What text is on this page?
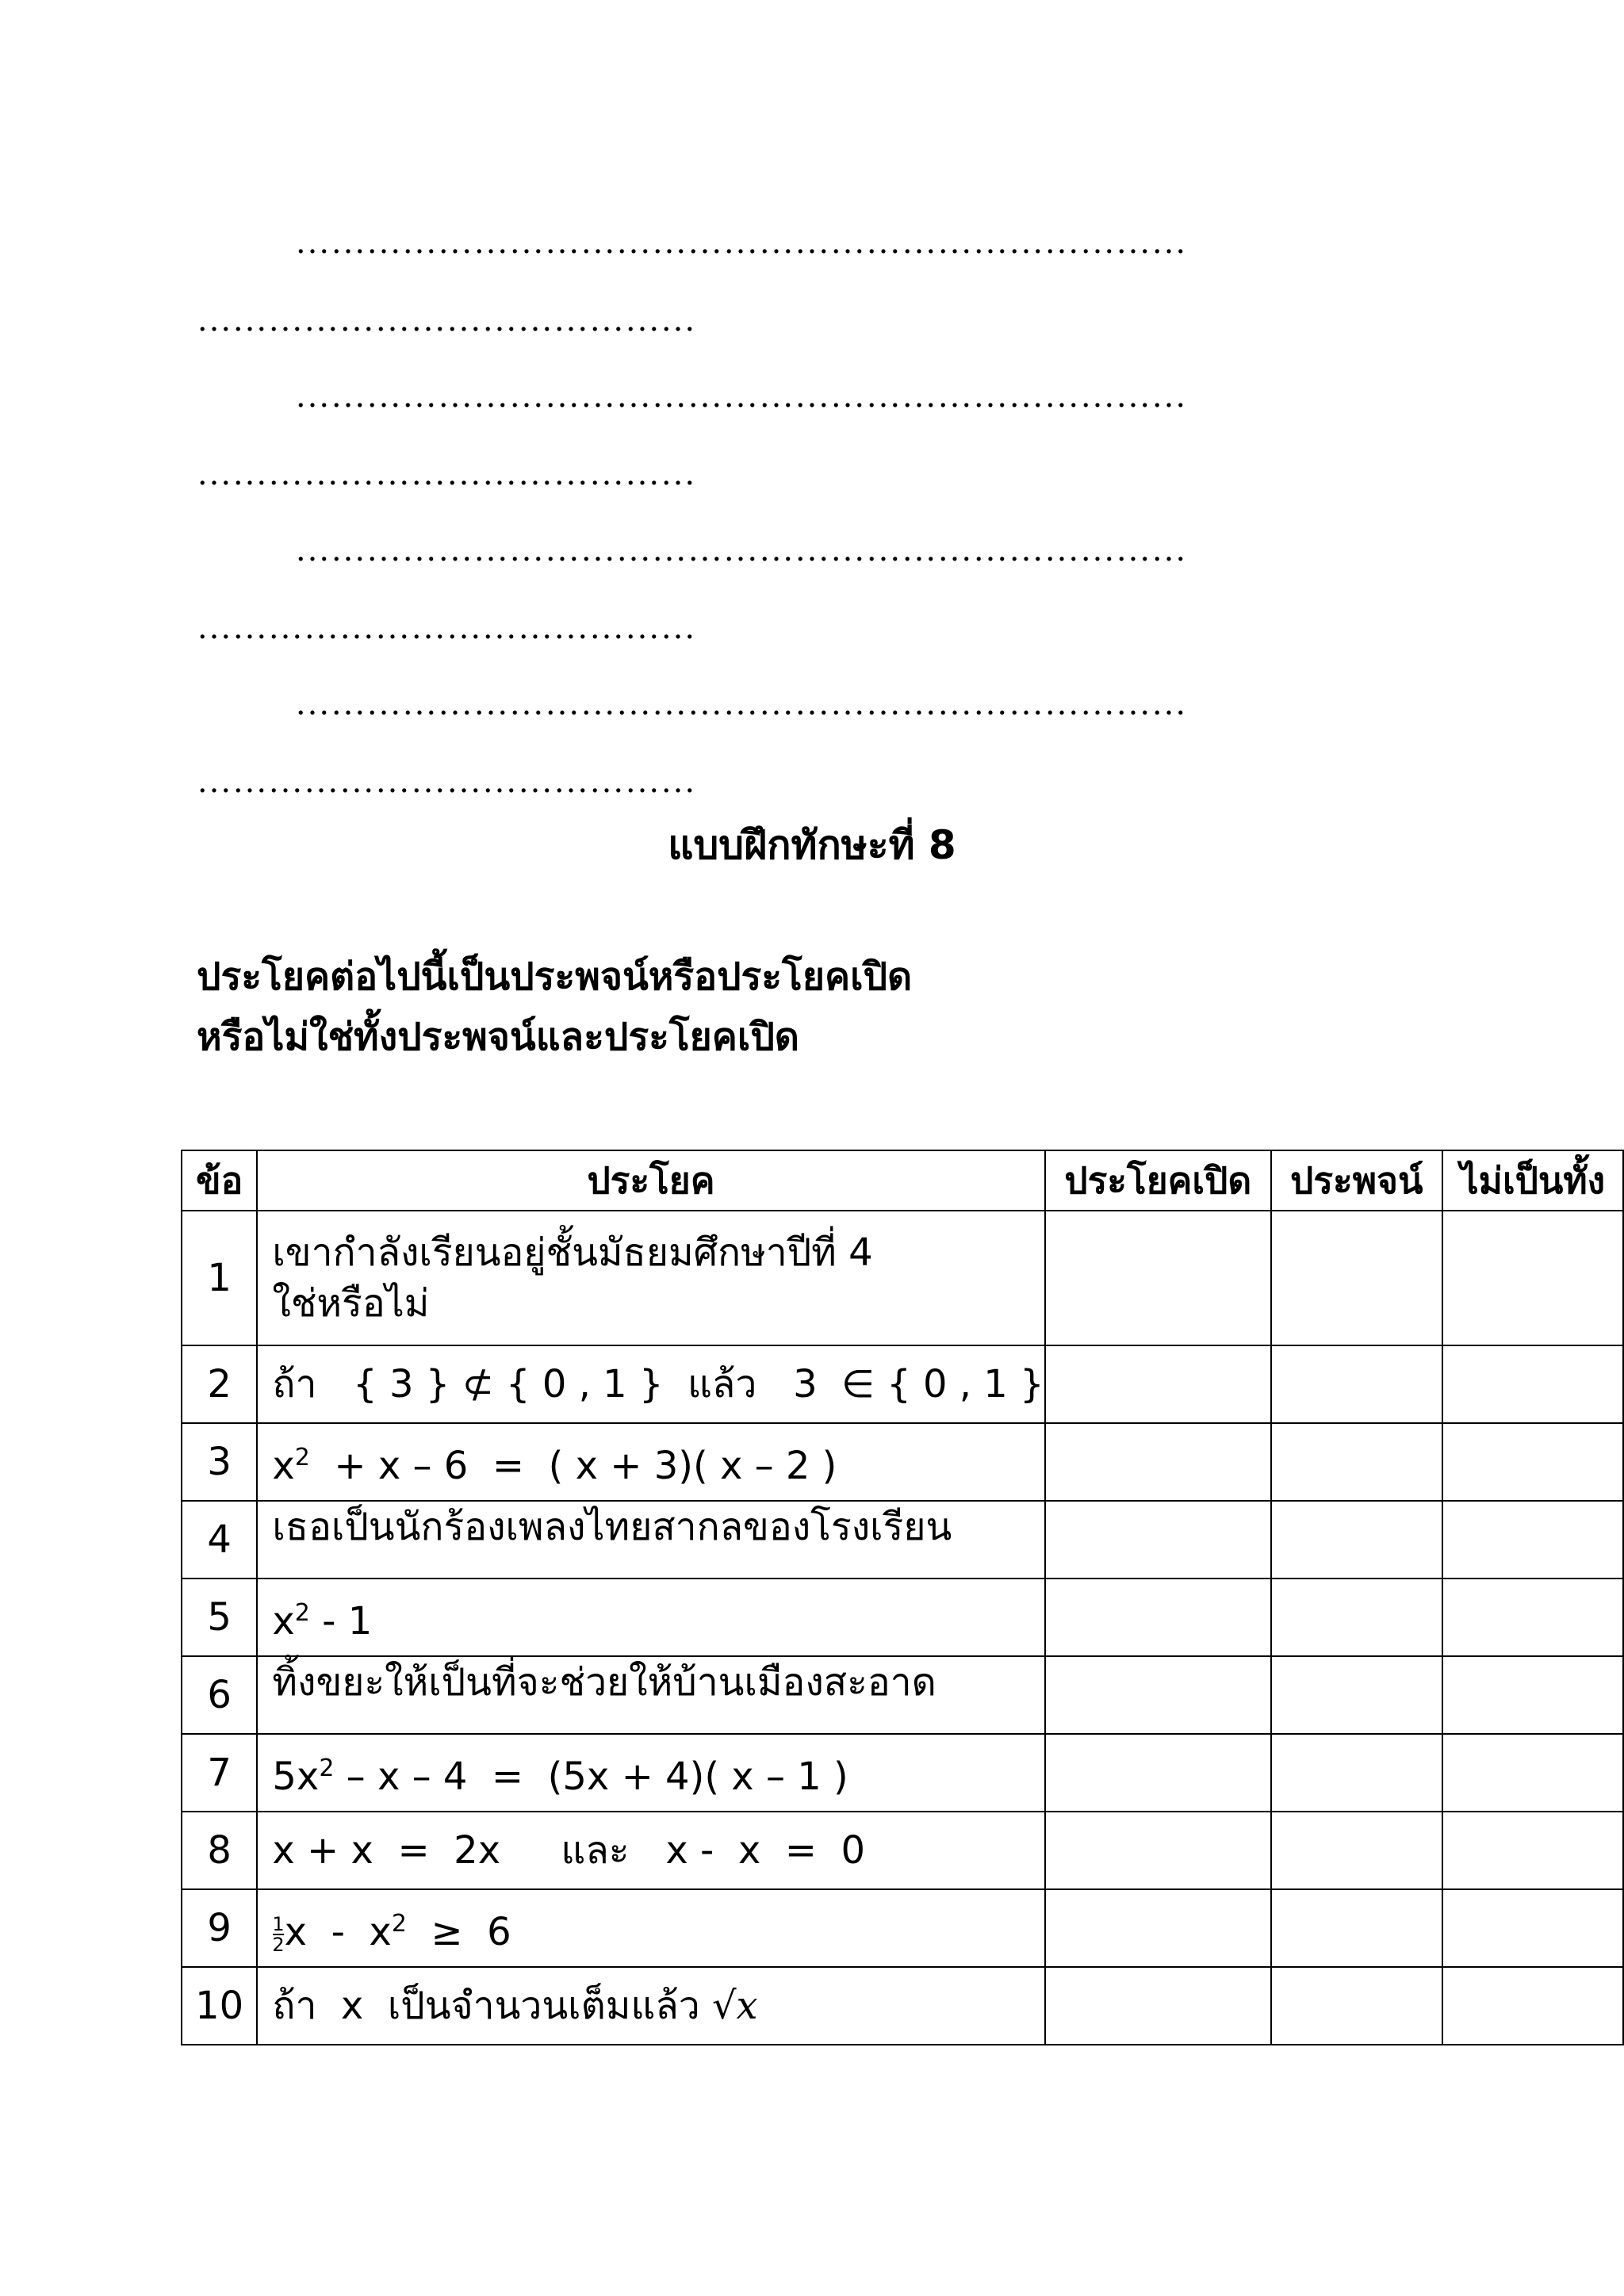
…………………………………………………………………
……………………………………
…………………………………………………………………
……………………………………
…………………………………………………………………
……………………………………
…………………………………………………………………
……………………………………
แบบฝึกทักษะที่ 8
ประโยคต่อไปนี้เป็นประพจน์หรือประโยคเปิด
หรือไม่ใช่ทั้งประพจน์และประโยคเปิด
ข้อ	ประโยค	ประโยคเปิด	ประพจน์	ไม่เป็นทั้ง
1	เขากำลังเรียนอยู่ชั้นมัธยมศึกษาปีที่ 4
ใช่หรือไม่			

2	ถ้า   { 3 } ⊄ { 0 , 1 }  แล้ว   3  ∈ { 0 , 1 }			
3	$x^2 + x - 6$  =  ( x + 3)( x – 2 )			
4	เธอเป็นนักร้องเพลงไทยสากลของโรงเรียน			
5	$x^2 - 1$			
6	ทิ้งขยะให้เป็นที่จะช่วยให้บ้านเมืองสะอาด			
7	$5x^2 - x - 4 = (5x + 4)$( x – 1 )			
8	x + x  =  2x     และ   x -  x  =  0			
9	$\frac{1}{2}$ $x - x^2 \ge 6$			
10	ถ้า  x  เป็นจำนวนเต็มแล้ว √x			
